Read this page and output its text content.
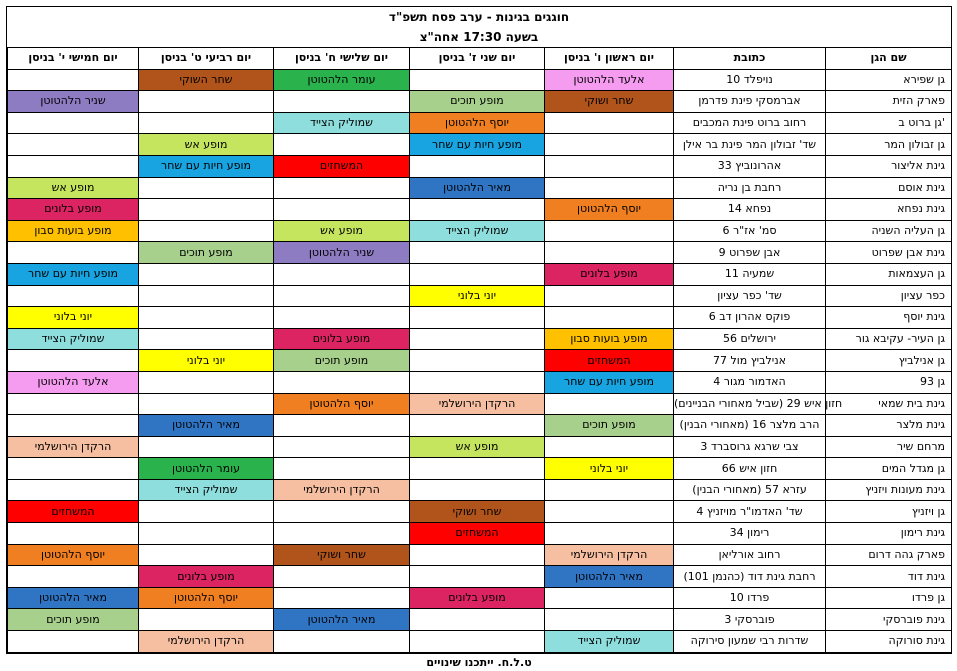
חוגגים בגינות - ערב פסח תשפ"ד
בשעה 17:30 אחה"צ
יום חמישי י' בניסן	יום רביעי ט' בניסן	יום שלישי ח' בניסן	יום שני ז' בניסן	יום ראשון ו' בניסן	כתובת	שם הגן
	שחר השוקי	עומר הלהטוטן		אלעד הלהטוטן	נויפלד 10	גן שפירא
שניר הלהטוטן			מופע תוכים	שחר ושוקי	אברמסקי פינת פדרמן	פארק הזית
		שמוליק הצייד	יוסף הלהטוטן		רחוב ברוט פינת המכבים	גן ברוט ב'
	מופע אש		מופע חיות עם שחר		שד' זבולון המר פינת בר אילן	גן זבולון המר
	מופע חיות עם שחר	המשחזים			אהרונוביץ 33	גינת אליצור
מופע אש			מאיר הלהטוטן		רחבת בן נריה	גינת אוסם
מופע בלונים				יוסף הלהטוטן	נפחא 14	גינת נפחא
מופע בועות סבון		מופע אש	שמוליק הצייד		סמ' אז"ר 6	גן העליה השניה
	מופע תוכים	שניר הלהטוטן			אבן שפרוט 9	גינת אבן שפרוט
מופע חיות עם שחר				מופע בלונים	שמעיה 11	גן העצמאות
			יוני בלוני		שד' כפר עציון	כפר עציון
יוני בלוני					פוקס אהרון דב 6	גינת יוסף
שמוליק הצייד		מופע בלונים		מופע בועות סבון	ירושלים 56	גן העיר- עקיבא גור
	יוני בלוני	מופע תוכים		המשחזים	אנילביץ מול 77	גן אנילביץ
אלעד הלהטוטן				מופע חיות עם שחר	האדמור מגור 4	גן 93
		יוסף הלהטוטן	הרקדן הירושלמי		חזון איש 29 (שביל מאחורי הבניינים)	גינת בית שמאי
	מאיר הלהטוטן			מופע תוכים	הרב מלצר 16 (מאחורי הבנין)	גינת מלצר
הרקדן הירושלמי			מופע אש		צבי שרגא גרוסברד 3	מרחם שיר
	עומר הלהטוטן			יוני בלוני	חזון איש 66	גן מגדל המים
	שמוליק הצייד	הרקדן הירושלמי			עזרא 57 (מאחורי הבנין)	גינת מעונות ויזניץ
המשחזים			שחר ושוקי		שד' האדמו"ר מויזניץ 4	גן ויזניץ
			המשחזים		רימון 34	גינת רימון
יוסף הלהטוטן		שחר ושוקי		הרקדן הירושלמי	רחוב אורליאן	פארק גהה דרום
	מופע בלונים			מאיר הלהטוטן	רחבת גינת דוד (כהנמן 101)	גינת דוד
מאיר הלהטוטן	יוסף הלהטוטן		מופע בלונים		פרדו 10	גן פרדו
מופע תוכים		מאיר הלהטוטן			פוברסקי 3	גינת פוברסקי
	הרקדן הירושלמי			שמוליק הצייד	שדרות רבי שמעון סירוקה	גינת סורוקה
ט.ל.ח. ייתכנו שינויים
